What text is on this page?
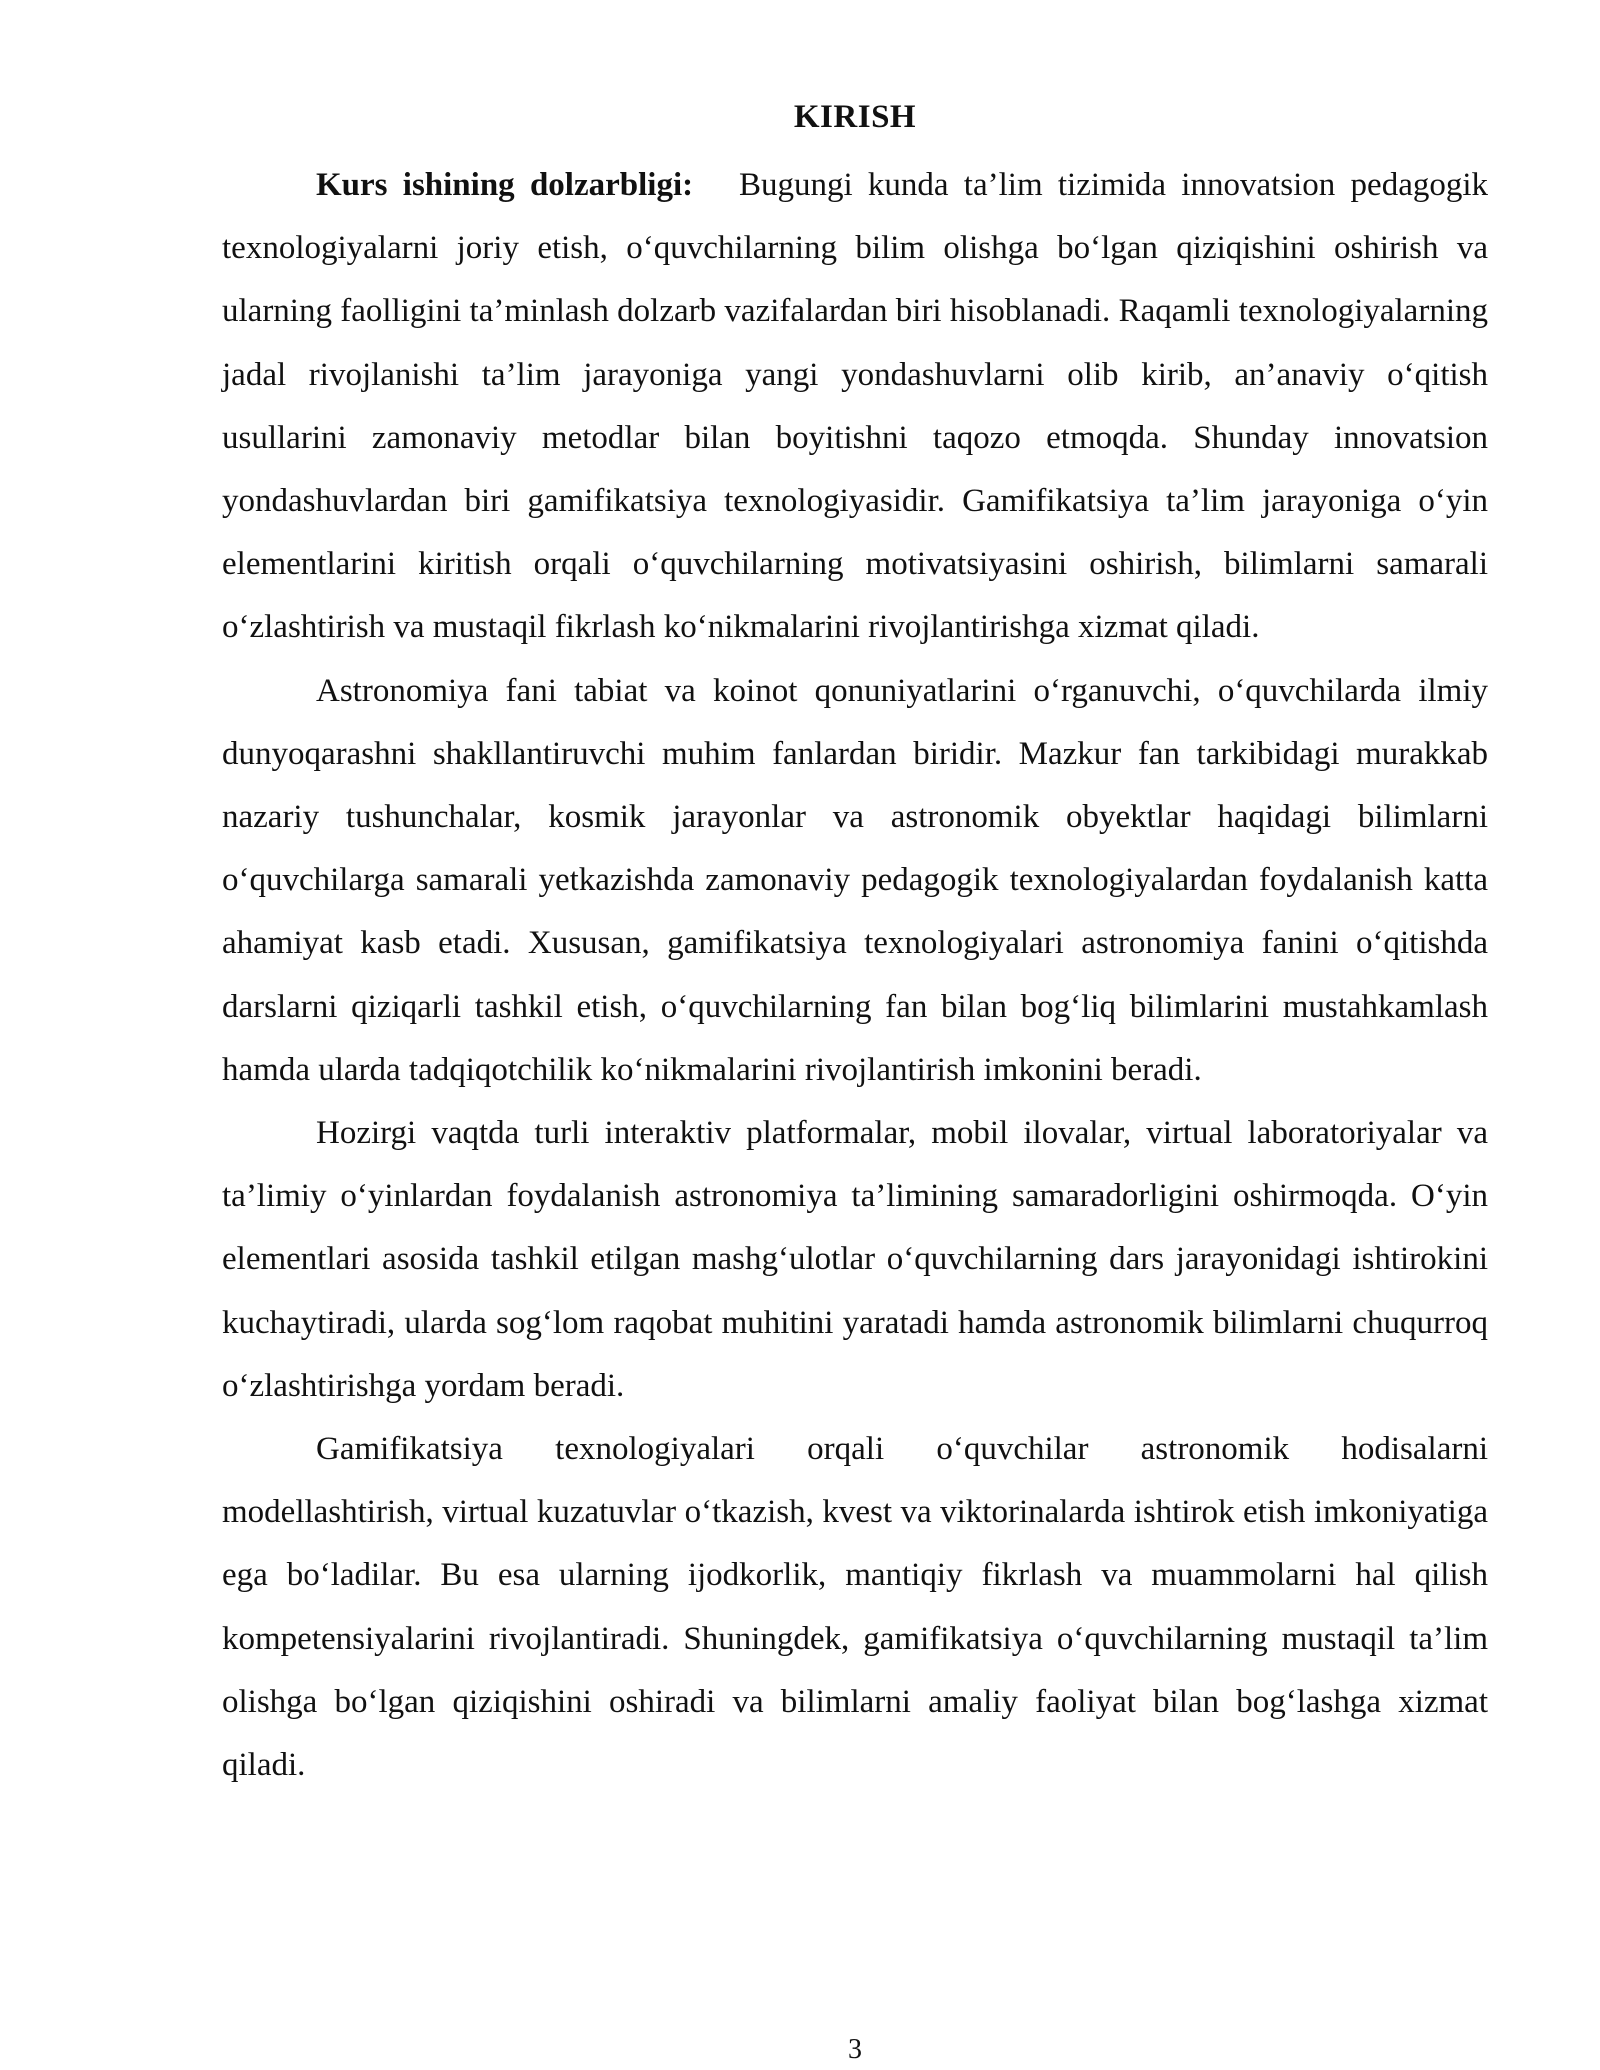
KIRISH

Kurs ishining dolzarbligi: Bugungi kunda ta’lim tizimida innovatsion pedagogik texnologiyalarni joriy etish, o‘quvchilarning bilim olishga bo‘lgan qiziqishini oshirish va ularning faolligini ta’minlash dolzarb vazifalardan biri hisoblanadi. Raqamli texnologiyalarning jadal rivojlanishi ta’lim jarayoniga yangi yondashuvlarni olib kirib, an’anaviy o‘qitish usullarini zamonaviy metodlar bilan boyitishni taqozo etmoqda. Shunday innovatsion yondashuvlardan biri gamifikatsiya texnologiyasidir. Gamifikatsiya ta’lim jarayoniga o‘yin elementlarini kiritish orqali o‘quvchilarning motivatsiyasini oshirish, bilimlarni samarali o‘zlashtirish va mustaqil fikrlash ko‘nikmalarini rivojlantirishga xizmat qiladi.

Astronomiya fani tabiat va koinot qonuniyatlarini o‘rganuvchi, o‘quvchilarda ilmiy dunyoqarashni shakllantiruvchi muhim fanlardan biridir. Mazkur fan tarkibidagi murakkab nazariy tushunchalar, kosmik jarayonlar va astronomik obyektlar haqidagi bilimlarni o‘quvchilarga samarali yetkazishda zamonaviy pedagogik texnologiyalardan foydalanish katta ahamiyat kasb etadi. Xususan, gamifikatsiya texnologiyalari astronomiya fanini o‘qitishda darslarni qiziqarli tashkil etish, o‘quvchilarning fan bilan bog‘liq bilimlarini mustahkamlash hamda ularda tadqiqotchilik ko‘nikmalarini rivojlantirish imkonini beradi.

Hozirgi vaqtda turli interaktiv platformalar, mobil ilovalar, virtual laboratoriyalar va ta’limiy o‘yinlardan foydalanish astronomiya ta’limining samaradorligini oshirmoqda. O‘yin elementlari asosida tashkil etilgan mashg‘ulotlar o‘quvchilarning dars jarayonidagi ishtirokini kuchaytiradi, ularda sog‘lom raqobat muhitini yaratadi hamda astronomik bilimlarni chuqurroq o‘zlashtirishga yordam beradi.

Gamifikatsiya texnologiyalari orqali o‘quvchilar astronomik hodisalarni modellashtirish, virtual kuzatuvlar o‘tkazish, kvest va viktorinalarda ishtirok etish imkoniyatiga ega bo‘ladilar. Bu esa ularning ijodkorlik, mantiqiy fikrlash va muammolarni hal qilish kompetensiyalarini rivojlantiradi. Shuningdek, gamifikatsiya o‘quvchilarning mustaqil ta’lim olishga bo‘lgan qiziqishini oshiradi va bilimlarni amaliy faoliyat bilan bog‘lashga xizmat qiladi.

3
